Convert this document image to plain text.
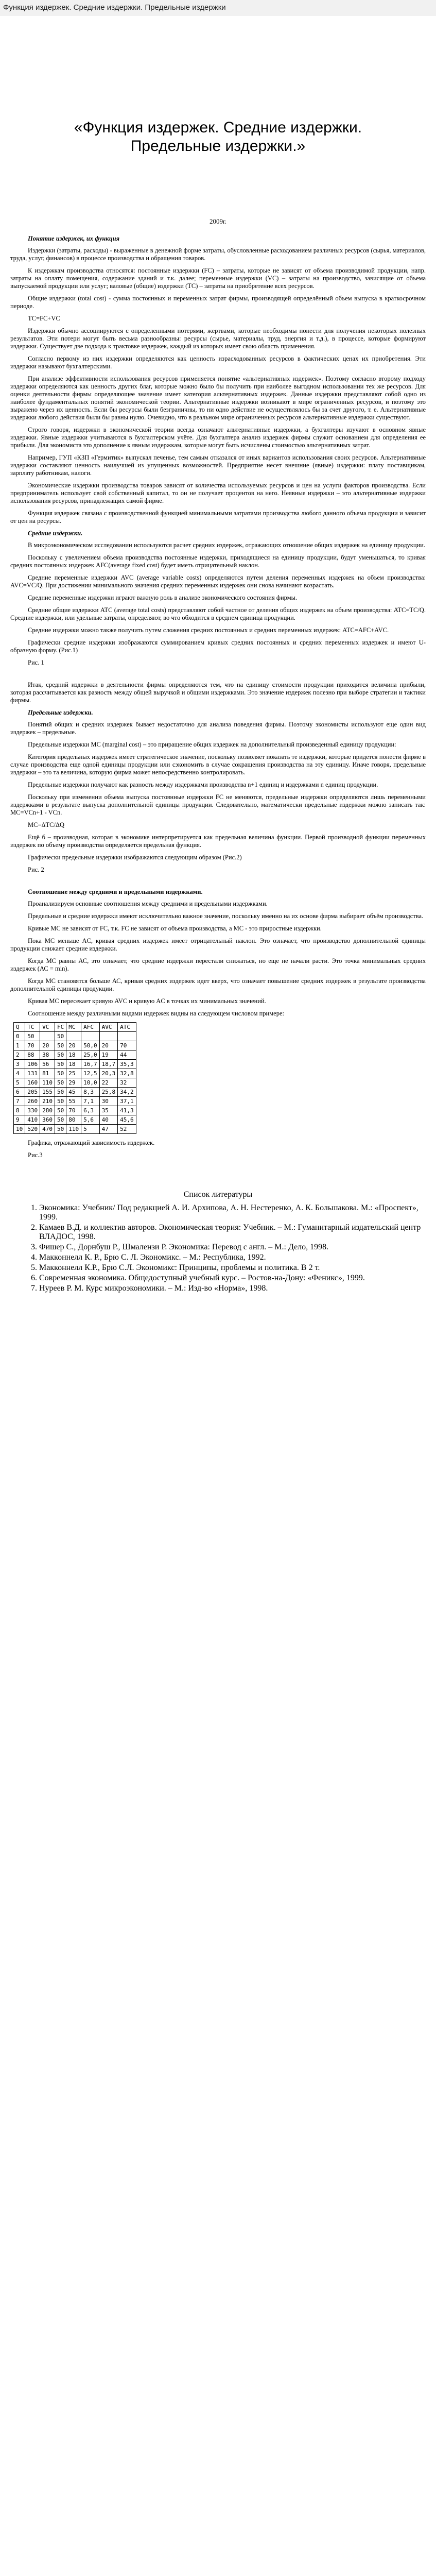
Функция издержек. Средние издержки. Предельные издержки
«Функция издержек. Средние издержки. Предельные издержки.»
2009г.
Понятие издержек, их функция
Издержки (затраты, расходы) - выраженные в денежной форме затраты, обусловленные расходованием различных ресурсов (сырья, материалов, труда, услуг, финансов) в процессе производства и обращения товаров.
К издержкам производства относятся: постоянные издержки (FC) – затраты, которые не зависят от объема производимой продукции, напр. затраты на оплату помещения, содержание зданий и т.к. далее; переменные издержки (VC) – затраты на производство, зависящие от объема выпускаемой продукции или услуг; валовые (общие) издержки (TC) – затраты на приобретение всех ресурсов.
Общие издержки (total cost) - сумма постоянных и переменных затрат фирмы, производящей определённый объем выпуска в краткосрочном периоде.
TC=FC+VC
Издержки обычно ассоциируются с определенными потерями, жертвами, которые необходимы понести для получения некоторых полезных результатов. Эти потери могут быть весьма разнообразны: ресурсы (сырье, материалы, труд, энергия и т.д.), в процессе, которые формируют издержки. Существует две подхода к трактовке издержек, каждый из которых имеет свою область применения.
Согласно первому из них издержки определяются как ценность израсходованных ресурсов в фактических ценах их приобретения. Эти издержки называют бухгалтерскими.
При анализе эффективности использования ресурсов применяется понятие «альтернативных издержек». Поэтому согласно второму подходу издержки определяются как ценность других благ, которые можно было бы получить при наиболее выгодном использовании тех же ресурсов. Для оценки деятельности фирмы определяющее значение имеет категория альтернативных издержек. Данные издержки представляют собой одно из наиболее фундаментальных понятий экономической теории. Альтернативные издержки возникают в мире ограниченных ресурсов, и поэтому это выражено через их ценность. Если бы ресурсы были безграничны, то ни одно действие не осуществлялось бы за счет другого, т. е. Альтернативные издержки любого действия были бы равны нулю. Очевидно, что в реальном мире ограниченных ресурсов альтернативные издержки существуют.
Строго говоря, издержки в экономической теории всегда означают альтернативные издержки, а бухгалтеры изучают в основном явные издержки. Явные издержки учитываются в бухгалтерском учёте. Для бухгалтера анализ издержек фирмы служит основанием для определения ее прибыли. Для экономиста это дополнение к явным издержкам, которые могут быть исчислены стоимостью альтернативных затрат.
Например, ГУП «КЗП «Гермитик» выпускал печенье, тем самым отказался от иных вариантов использования своих ресурсов. Альтернативные издержки составляют ценность наилучшей из упущенных возможностей. Предприятие несет внешние (явные) издержки: плату поставщикам, зарплату работникам, налоги.
Экономические издержки производства товаров зависят от количества используемых ресурсов и цен на услуги факторов производства. Если предприниматель использует свой собственный капитал, то он не получает процентов на него. Неявные издержки – это альтернативные издержки использования ресурсов, принадлежащих самой фирме.
Функция издержек связана с производственной функцией минимальными затратами производства любого данного объема продукции и зависит от цен на ресурсы.
Средние издержки.
В микроэкономическом исследовании используются расчет средних издержек, отражающих отношение общих издержек на единицу продукции.
Поскольку с увеличением объема производства постоянные издержки, приходящиеся на единицу продукции, будут уменьшаться, то кривая средних постоянных издержек AFC(average fixed cost) будет иметь отрицательный наклон.
Средние переменные издержки AVC (average variable costs) определяются путем деления переменных издержек на объем производства: AVC=VC/Q. При достижении минимального значения средних переменных издержек они снова начинают возрастать.
Средние переменные издержки играют важную роль в анализе экономического состояния фирмы.
Средние общие издержки ATC (average total costs) представляют собой частное от деления общих издержек на объем производства: ATC=TC/Q. Средние издержки, или удельные затраты, определяют, во что обходится в среднем единица продукции.
Средние издержки можно также получить путем сложения средних постоянных и средних переменных издержек: ATC=AFC+AVC.
Графически средние издержки изображаются суммированием кривых средних постоянных и средних переменных издержек и имеют U-образную форму. (Рис.1)
Рис. 1
Итак, средний издержки в деятельности фирмы определяются тем, что на единицу стоимости продукции приходится величина прибыли, которая рассчитывается как разность между общей выручкой и общими издержками. Это значение издержек полезно при выборе стратегии и тактики фирмы.
Предельные издержки.
Понятий общих и средних издержек бывает недостаточно для анализа поведения фирмы. Поэтому экономисты используют еще один вид издержек – предельные.
Предельные издержки MC (marginal cost) – это приращение общих издержек на дополнительный произведенный единицу продукции:
Категория предельных издержек имеет стратегическое значение, поскольку позволяет показать те издержки, которые придется понести фирме в случае производства еще одной единицы продукции или сэкономить в случае сокращения производства на эту единицу. Иначе говоря, предельные издержки – это та величина, которую фирма может непосредственно контролировать.
Предельные издержки получают как разность между издержками производства n+1 единиц и издержками n единиц продукции.
Поскольку при изменении объема выпуска постоянные издержки FC не меняются, предельные издержки определяются лишь переменными издержками в результате выпуска дополнительной единицы продукции. Следовательно, математически предельные издержки можно записать так: MC=VCn+1 - VCn.
MC=ΔTC/ΔQ
Ещё б – производная, которая в экономике интерпретируется как предельная величина функции. Первой производной функции переменных издержек по объему производства определяется предельная функция.
Графически предельные издержки изображаются следующим образом (Рис.2)
Рис. 2
Соотношение между средними и предельными издержками.
Проанализируем основные соотношения между средними и предельными издержками.
Предельные и средние издержки имеют исключительно важное значение, поскольку именно на их основе фирма выбирает объём производства.
Кривые МС не зависят от FC, т.к. FC не зависят от объема производства, а МС - это приростные издержки.
Пока МС меньше AC, кривая средних издержек имеет отрицательный наклон. Это означает, что производство дополнительной единицы продукции снижает средние издержки.
Когда МС равны АС, это означает, что средние издержки перестали снижаться, но еще не начали расти. Это точка минимальных средних издержек (АС = min).
Когда МС становятся больше АС, кривая средних издержек идет вверх, что означает повышение средних издержек в результате производства дополнительной единицы продукции.
Кривая MC пересекает кривую AVC и кривую AC в точках их минимальных значений.
Соотношение между различными видами издержек видны на следующем числовом примере:
Q	TC	VC	FC	MC	AFC	AVC	ATC
0	50		50				
1	70	20	50	20	50,0	20	70
2	88	38	50	18	25,0	19	44
3	106	56	50	18	16,7	18,7	35,3
4	131	81	50	25	12,5	20,3	32,8
5	160	110	50	29	10,0	22	32
6	205	155	50	45	8,3	25,8	34,2
7	260	210	50	55	7,1	30	37,1
8	330	280	50	70	6,3	35	41,3
9	410	360	50	80	5,6	40	45,6
10	520	470	50	110	5	47	52
Графика, отражающий зависимость издержек.
Рис.3
Список литературы
1. Экономика: Учебник/ Под редакцией А. И. Архипова, А. Н. Нестеренко, А. К. Большакова. М.: «Проспект», 1999.
2. Камаев В.Д. и коллектив авторов. Экономическая теория: Учебник. – М.: Гуманитарный издательский центр ВЛАДОС, 1998.
3. Фишер С., Дорнбуш Р., Шмалензи Р. Экономика: Перевод с англ. – М.: Дело, 1998.
4. Макконнелл К. Р., Брю С. Л. Экономикс. – М.: Республика, 1992.
5. Макконнелл К.Р., Брю С.Л. Экономикс: Принципы, проблемы и политика. В 2 т.
6. Современная экономика. Общедоступный учебный курс. – Ростов-на-Дону: «Феникс», 1999.
7. Нуреев Р. М. Курс микроэкономики. – М.: Изд-во «Норма», 1998.
